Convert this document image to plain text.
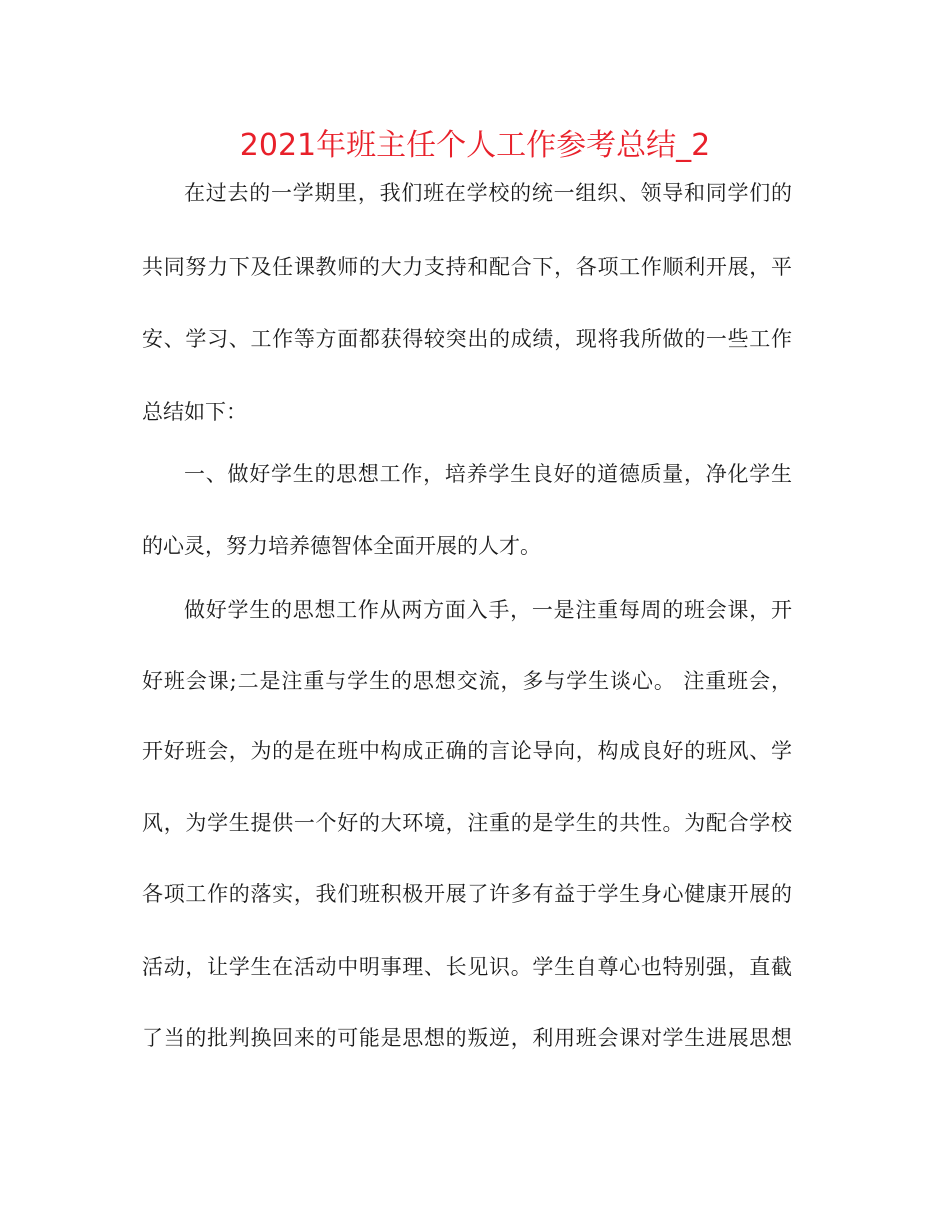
2021年班主任个人工作参考总结_2

在过去的一学期里，我们班在学校的统一组织、领导和同学们的

共同努力下及任课教师的大力支持和配合下，各项工作顺利开展，平

安、学习、工作等方面都获得较突出的成绩，现将我所做的一些工作

总结如下：

一、做好学生的思想工作，培养学生良好的道德质量，净化学生

的心灵，努力培养德智体全面开展的人才。

做好学生的思想工作从两方面入手，一是注重每周的班会课，开

好班会课;二是注重与学生的思想交流，多与学生谈心。 注重班会，

开好班会，为的是在班中构成正确的言论导向，构成良好的班风、学

风，为学生提供一个好的大环境，注重的是学生的共性。为配合学校

各项工作的落实，我们班积极开展了许多有益于学生身心健康开展的

活动，让学生在活动中明事理、长见识。学生自尊心也特别强，直截

了当的批判换回来的可能是思想的叛逆，利用班会课对学生进展思想
